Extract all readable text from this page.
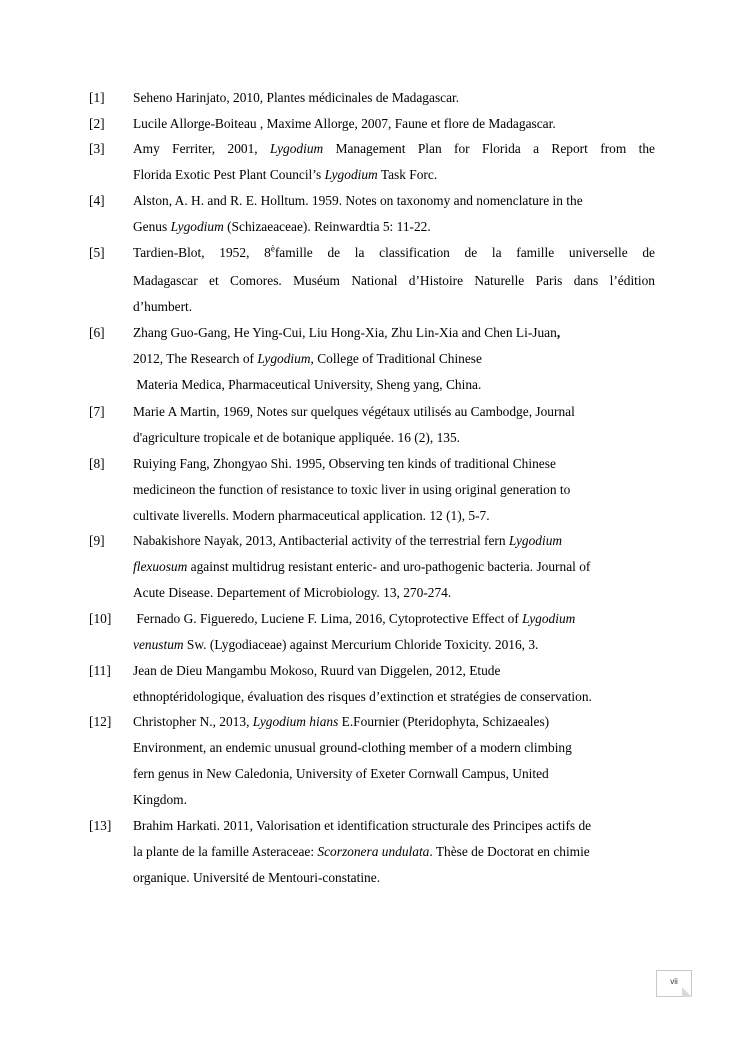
[1] Seheno Harinjato, 2010, Plantes médicinales de Madagascar.
[2] Lucile Allorge-Boiteau , Maxime Allorge, 2007, Faune et flore de Madagascar.
[3] Amy Ferriter, 2001, Lygodium Management Plan for Florida a Report from the
Florida Exotic Pest Plant Council’s Lygodium Task Forc.
[4] Alston, A. H. and R. E. Holltum. 1959. Notes on taxonomy and nomenclature in the
Genus Lygodium (Schizaeaceae). Reinwardtia 5: 11-22.
[5] Tardien-Blot, 1952, $8^èfamille$ de la classification de la famille universelle de
Madagascar et Comores. Muséum National d’Histoire Naturelle Paris dans l’édition
d’humbert.
[6] Zhang Guo-Gang, He Ying-Cui, Liu Hong-Xia, Zhu Lin-Xia and Chen Li-Juan,
2012, The Research of Lygodium, College of Traditional Chinese
Materia Medica, Pharmaceutical University, Sheng yang, China.
[7] Marie A Martin, 1969, Notes sur quelques végétaux utilisés au Cambodge, Journal
d'agriculture tropicale et de botanique appliquée. 16 (2), 135.
[8] Ruiying Fang, Zhongyao Shi. 1995, Observing ten kinds of traditional Chinese
medicineon the function of resistance to toxic liver in using original generation to
cultivate liverells. Modern pharmaceutical application. 12 (1), 5-7.
[9] Nabakishore Nayak, 2013, Antibacterial activity of the terrestrial fern Lygodium
flexuosum against multidrug resistant enteric- and uro-pathogenic bacteria. Journal of
Acute Disease. Departement of Microbiology. 13, 270-274.
[10] Fernado G. Figueredo, Luciene F. Lima, 2016, Cytoprotective Effect of Lygodium
venustum Sw. (Lygodiaceae) against Mercurium Chloride Toxicity. 2016, 3.
[11] Jean de Dieu Mangambu Mokoso, Ruurd van Diggelen, 2012, Etude
ethnoptéridologique, évaluation des risques d’extinction et stratégies de conservation.
[12] Christopher N., 2013, Lygodium hians E.Fournier (Pteridophyta, Schizaeales)
Environment, an endemic unusual ground-clothing member of a modern climbing
fern genus in New Caledonia, University of Exeter Cornwall Campus, United
Kingdom.
[13] Brahim Harkati. 2011, Valorisation et identification structurale des Principes actifs de
la plante de la famille Asteraceae: Scorzonera undulata. Thèse de Doctorat en chimie
organique. Université de Mentouri-constatine.
vii
